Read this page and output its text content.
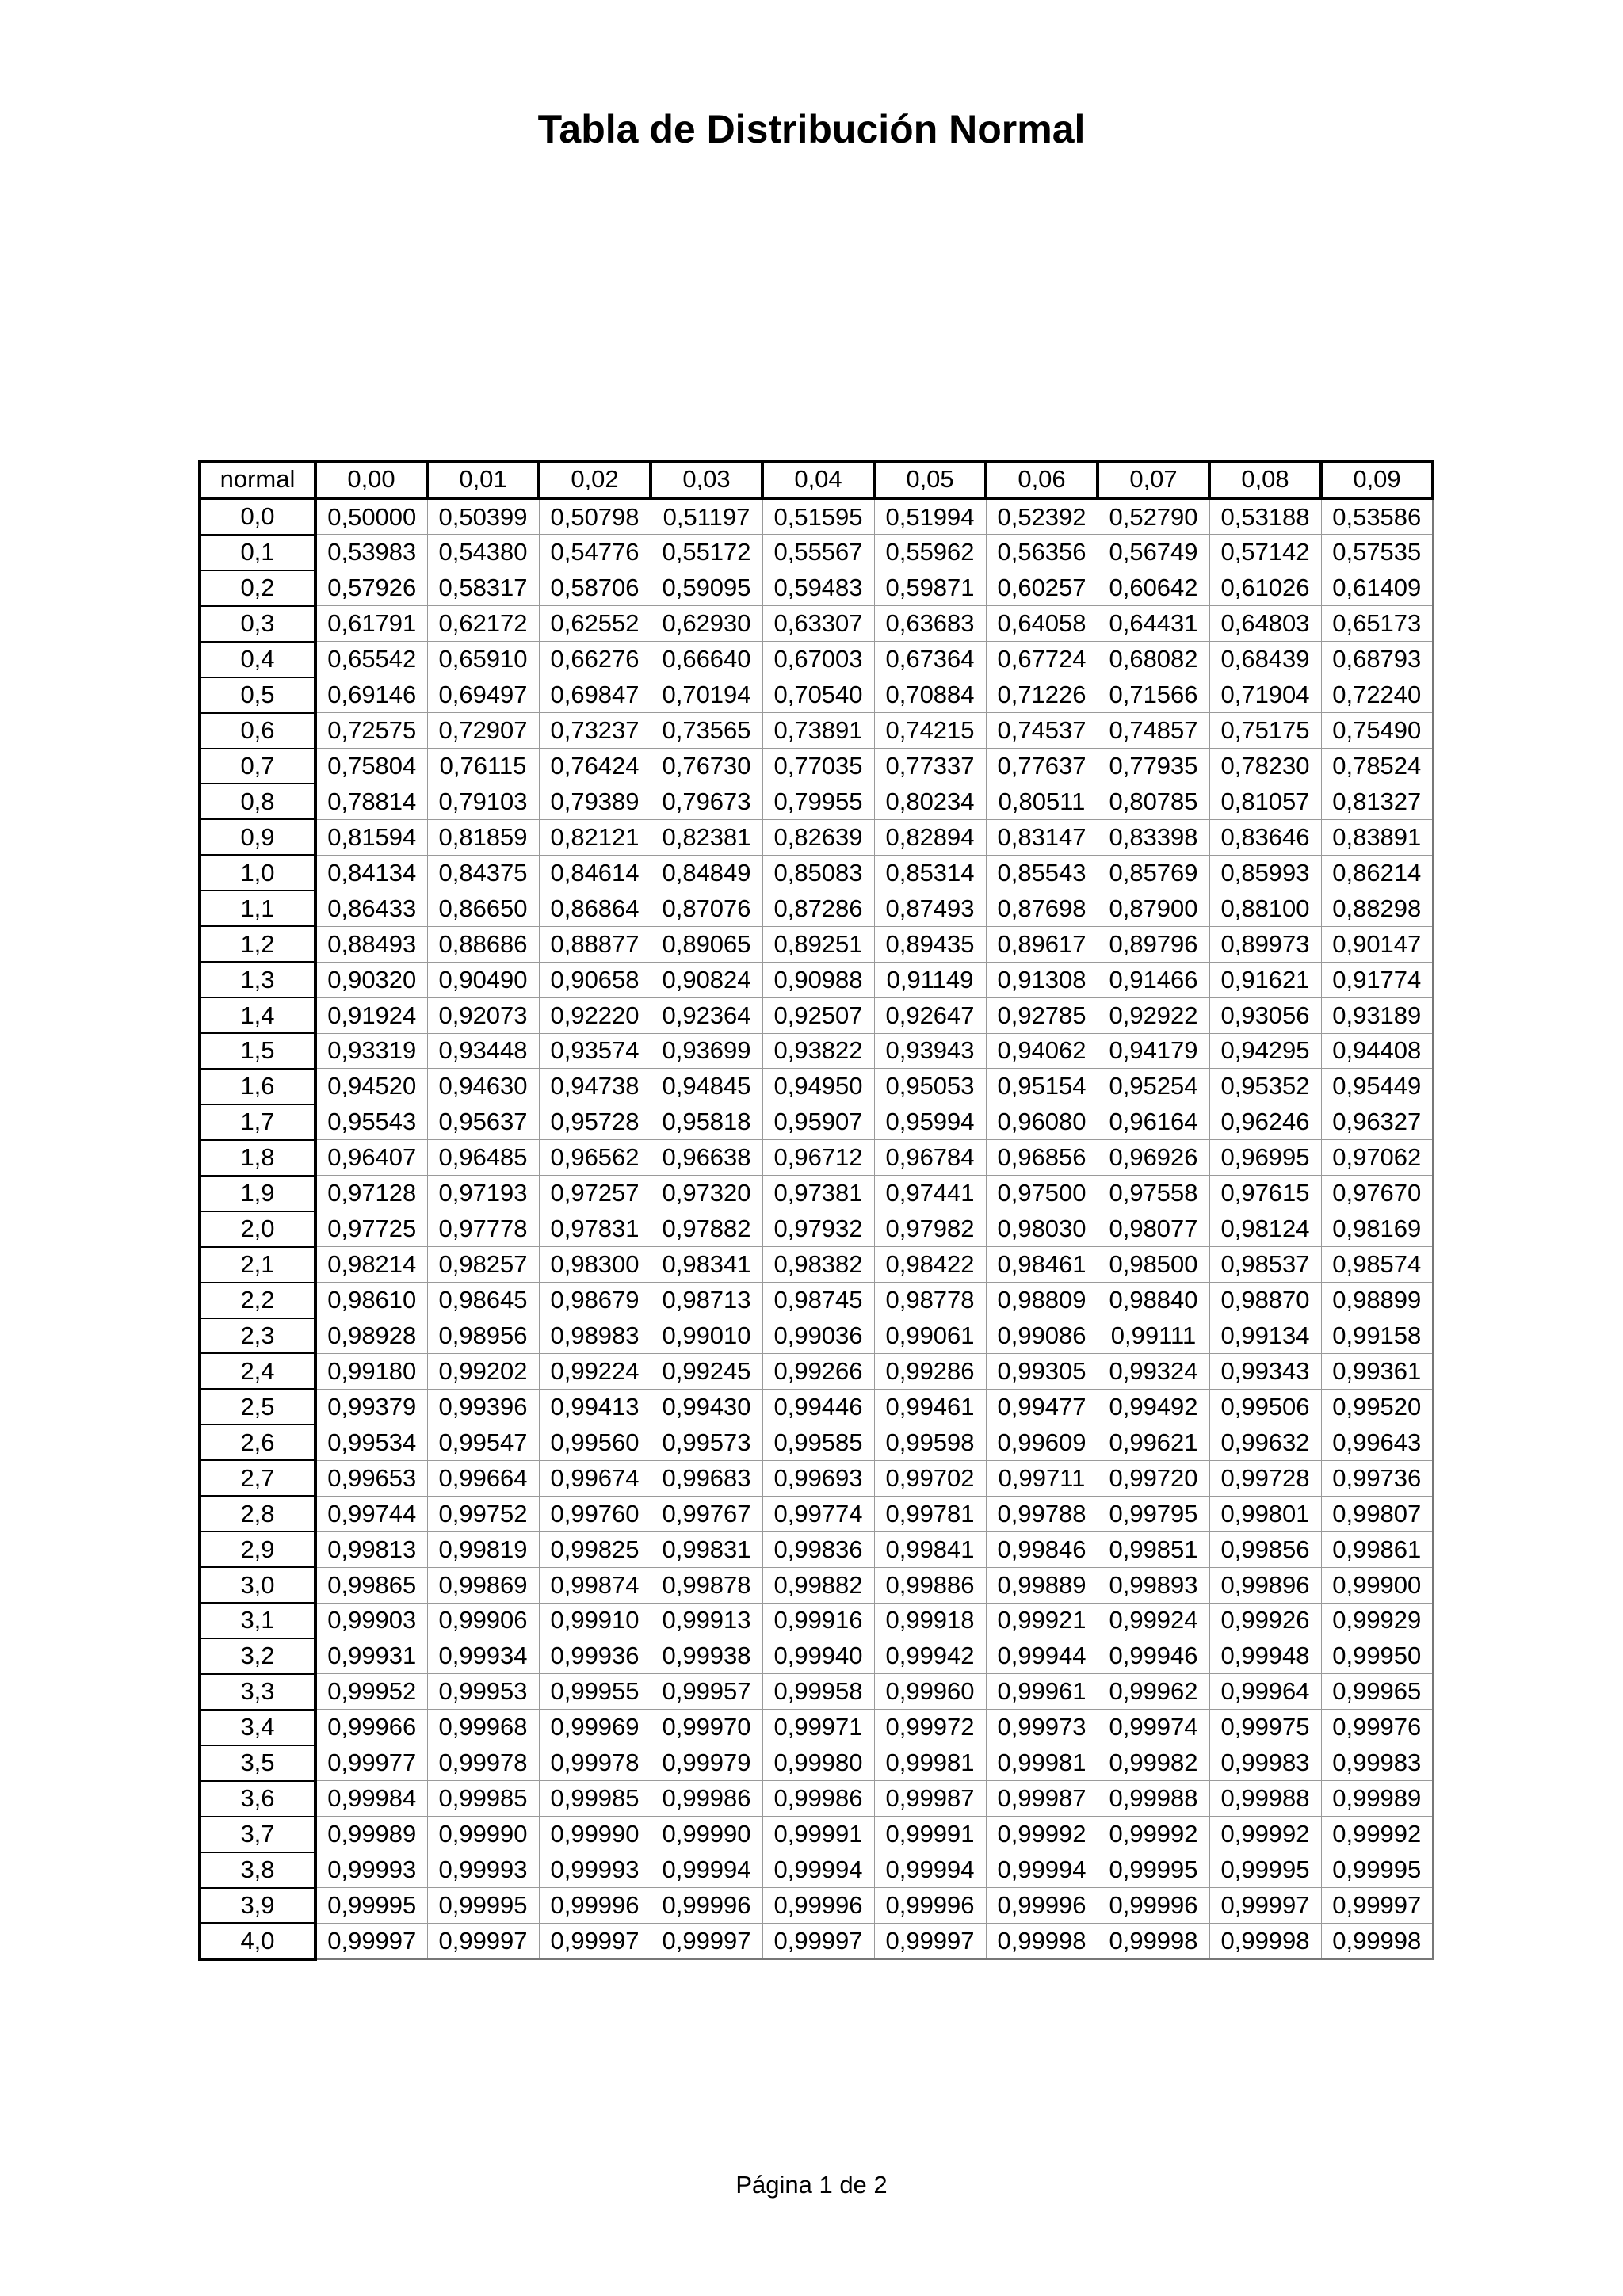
Tabla de Distribución Normal
normal	0,00	0,01	0,02	0,03	0,04	0,05	0,06	0,07	0,08	0,09
0,0	0,50000	0,50399	0,50798	0,51197	0,51595	0,51994	0,52392	0,52790	0,53188	0,53586
0,1	0,53983	0,54380	0,54776	0,55172	0,55567	0,55962	0,56356	0,56749	0,57142	0,57535
0,2	0,57926	0,58317	0,58706	0,59095	0,59483	0,59871	0,60257	0,60642	0,61026	0,61409
0,3	0,61791	0,62172	0,62552	0,62930	0,63307	0,63683	0,64058	0,64431	0,64803	0,65173
0,4	0,65542	0,65910	0,66276	0,66640	0,67003	0,67364	0,67724	0,68082	0,68439	0,68793
0,5	0,69146	0,69497	0,69847	0,70194	0,70540	0,70884	0,71226	0,71566	0,71904	0,72240
0,6	0,72575	0,72907	0,73237	0,73565	0,73891	0,74215	0,74537	0,74857	0,75175	0,75490
0,7	0,75804	0,76115	0,76424	0,76730	0,77035	0,77337	0,77637	0,77935	0,78230	0,78524
0,8	0,78814	0,79103	0,79389	0,79673	0,79955	0,80234	0,80511	0,80785	0,81057	0,81327
0,9	0,81594	0,81859	0,82121	0,82381	0,82639	0,82894	0,83147	0,83398	0,83646	0,83891
1,0	0,84134	0,84375	0,84614	0,84849	0,85083	0,85314	0,85543	0,85769	0,85993	0,86214
1,1	0,86433	0,86650	0,86864	0,87076	0,87286	0,87493	0,87698	0,87900	0,88100	0,88298
1,2	0,88493	0,88686	0,88877	0,89065	0,89251	0,89435	0,89617	0,89796	0,89973	0,90147
1,3	0,90320	0,90490	0,90658	0,90824	0,90988	0,91149	0,91308	0,91466	0,91621	0,91774
1,4	0,91924	0,92073	0,92220	0,92364	0,92507	0,92647	0,92785	0,92922	0,93056	0,93189
1,5	0,93319	0,93448	0,93574	0,93699	0,93822	0,93943	0,94062	0,94179	0,94295	0,94408
1,6	0,94520	0,94630	0,94738	0,94845	0,94950	0,95053	0,95154	0,95254	0,95352	0,95449
1,7	0,95543	0,95637	0,95728	0,95818	0,95907	0,95994	0,96080	0,96164	0,96246	0,96327
1,8	0,96407	0,96485	0,96562	0,96638	0,96712	0,96784	0,96856	0,96926	0,96995	0,97062
1,9	0,97128	0,97193	0,97257	0,97320	0,97381	0,97441	0,97500	0,97558	0,97615	0,97670
2,0	0,97725	0,97778	0,97831	0,97882	0,97932	0,97982	0,98030	0,98077	0,98124	0,98169
2,1	0,98214	0,98257	0,98300	0,98341	0,98382	0,98422	0,98461	0,98500	0,98537	0,98574
2,2	0,98610	0,98645	0,98679	0,98713	0,98745	0,98778	0,98809	0,98840	0,98870	0,98899
2,3	0,98928	0,98956	0,98983	0,99010	0,99036	0,99061	0,99086	0,99111	0,99134	0,99158
2,4	0,99180	0,99202	0,99224	0,99245	0,99266	0,99286	0,99305	0,99324	0,99343	0,99361
2,5	0,99379	0,99396	0,99413	0,99430	0,99446	0,99461	0,99477	0,99492	0,99506	0,99520
2,6	0,99534	0,99547	0,99560	0,99573	0,99585	0,99598	0,99609	0,99621	0,99632	0,99643
2,7	0,99653	0,99664	0,99674	0,99683	0,99693	0,99702	0,99711	0,99720	0,99728	0,99736
2,8	0,99744	0,99752	0,99760	0,99767	0,99774	0,99781	0,99788	0,99795	0,99801	0,99807
2,9	0,99813	0,99819	0,99825	0,99831	0,99836	0,99841	0,99846	0,99851	0,99856	0,99861
3,0	0,99865	0,99869	0,99874	0,99878	0,99882	0,99886	0,99889	0,99893	0,99896	0,99900
3,1	0,99903	0,99906	0,99910	0,99913	0,99916	0,99918	0,99921	0,99924	0,99926	0,99929
3,2	0,99931	0,99934	0,99936	0,99938	0,99940	0,99942	0,99944	0,99946	0,99948	0,99950
3,3	0,99952	0,99953	0,99955	0,99957	0,99958	0,99960	0,99961	0,99962	0,99964	0,99965
3,4	0,99966	0,99968	0,99969	0,99970	0,99971	0,99972	0,99973	0,99974	0,99975	0,99976
3,5	0,99977	0,99978	0,99978	0,99979	0,99980	0,99981	0,99981	0,99982	0,99983	0,99983
3,6	0,99984	0,99985	0,99985	0,99986	0,99986	0,99987	0,99987	0,99988	0,99988	0,99989
3,7	0,99989	0,99990	0,99990	0,99990	0,99991	0,99991	0,99992	0,99992	0,99992	0,99992
3,8	0,99993	0,99993	0,99993	0,99994	0,99994	0,99994	0,99994	0,99995	0,99995	0,99995
3,9	0,99995	0,99995	0,99996	0,99996	0,99996	0,99996	0,99996	0,99996	0,99997	0,99997
4,0	0,99997	0,99997	0,99997	0,99997	0,99997	0,99997	0,99998	0,99998	0,99998	0,99998
Página 1 de 2
